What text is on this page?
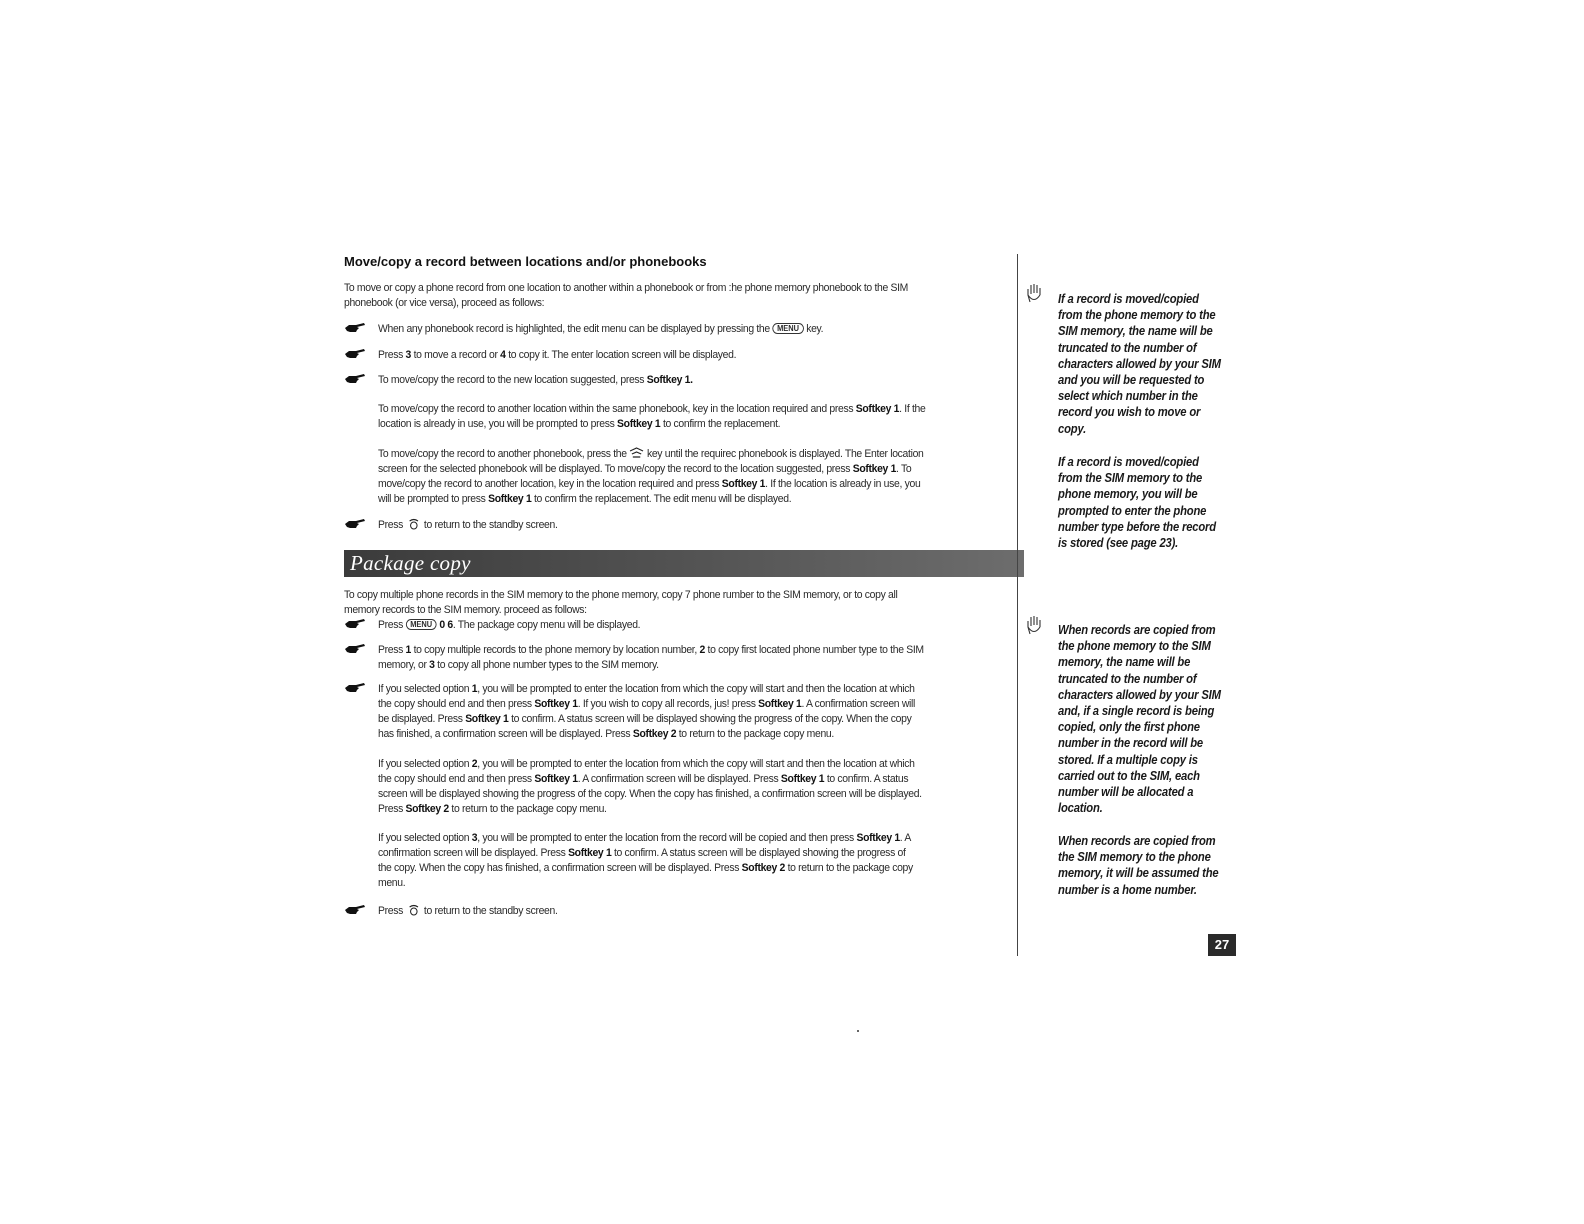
Move/copy a record between locations and/or phonebooks
To move or copy a phone record from one location to another within a phonebook or from :he phone memory phonebook to the SIM
phonebook (or vice versa), proceed as follows:
When any phonebook record is highlighted, the edit menu can be displayed by pressing the MENU key.
Press 3 to move a record or 4 to copy it. The enter location screen will be displayed.
To move/copy the record to the new location suggested, press Softkey 1.
To move/copy the record to another location within the same phonebook, key in the location required and press Softkey 1. If the
location is already in use, you will be prompted to press Softkey 1 to confirm the replacement.
To move/copy the record to another phonebook, press the key until the requirec phonebook is displayed. The Enter location
screen for the selected phonebook will be displayed. To move/copy the record to the location suggested, press Softkey 1. To
move/copy the record to another location, key in the location required and press Softkey 1. If the location is already in use, you
will be prompted to press Softkey 1 to confirm the replacement. The edit menu will be displayed.
Press to return to the standby screen.
Package copy
To copy multiple phone records in the SIM memory to the phone memory, copy 7 phone rumber to the SIM memory, or to copy all
memory records to the SIM memory. proceed as follows:
Press MENU 0 6. The package copy menu will be displayed.
Press 1 to copy multiple records to the phone memory by location number, 2 to copy first located phone number type to the SIM
memory, or 3 to copy all phone number types to the SIM memory.
If you selected option 1, you will be prompted to enter the location from which the copy will start and then the location at which
the copy should end and then press Softkey 1. If you wish to copy all records, jus! press Softkey 1. A confirmation screen will
be displayed. Press Softkey 1 to confirm. A status screen will be displayed showing the progress of the copy. When the copy
has finished, a confirmation screen will be displayed. Press Softkey 2 to return to the package copy menu.
If you selected option 2, you will be prompted to enter the location from which the copy will start and then the location at which
the copy should end and then press Softkey 1. A confirmation screen will be displayed. Press Softkey 1 to confirm. A status
screen will be displayed showing the progress of the copy. When the copy has finished, a confirmation screen will be displayed.
Press Softkey 2 to return to the package copy menu.
If you selected option 3, you will be prompted to enter the location from the record will be copied and then press Softkey 1. A
confirmation screen will be displayed. Press Softkey 1 to confirm. A status screen will be displayed showing the progress of
the copy. When the copy has finished, a confirmation screen will be displayed. Press Softkey 2 to return to the package copy
menu.
Press to return to the standby screen.
If a record is moved/copied
from the phone memory to the
SIM memory, the name will be
truncated to the number of
characters allowed by your SIM
and you will be requested to
select which number in the
record you wish to move or
copy.
If a record is moved/copied
from the SIM memory to the
phone memory, you will be
prompted to enter the phone
number type before the record
is stored (see page 23).
When records are copied from
the phone memory to the SIM
memory, the name will be
truncated to the number of
characters allowed by your SIM
and, if a single record is being
copied, only the first phone
number in the record will be
stored. If a multiple copy is
carried out to the SIM, each
number will be allocated a
location.
When records are copied from
the SIM memory to the phone
memory, it will be assumed the
number is a home number.
27
